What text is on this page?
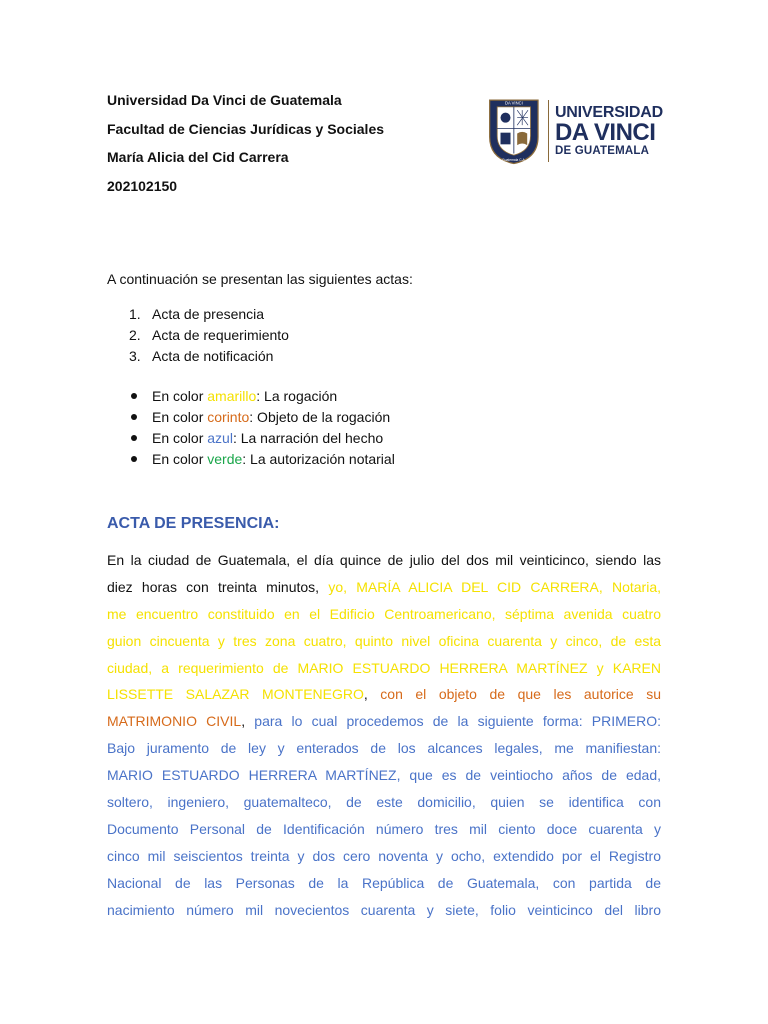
Universidad Da Vinci de Guatemala
Facultad de Ciencias Jurídicas y Sociales
María Alicia del Cid Carrera
202102150
DA VINCI
Guatemala C.A.
UNIVERSIDAD
DA VINCI
DE GUATEMALA
A continuación se presentan las siguientes actas:
1. Acta de presencia
2. Acta de requerimiento
3. Acta de notificación
En color amarillo: La rogación
En color corinto: Objeto de la rogación
En color azul: La narración del hecho
En color verde: La autorización notarial
ACTA DE PRESENCIA:
En la ciudad de Guatemala, el día quince de julio del dos mil veinticinco, siendo las
diez horas con treinta minutos, yo, MARÍA ALICIA DEL CID CARRERA, Notaria,
me encuentro constituido en el Edificio Centroamericano, séptima avenida cuatro
guion cincuenta y tres zona cuatro, quinto nivel oficina cuarenta y cinco, de esta
ciudad, a requerimiento de MARIO ESTUARDO HERRERA MARTÍNEZ y KAREN
LISSETTE SALAZAR MONTENEGRO, con el objeto de que les autorice su
MATRIMONIO CIVIL, para lo cual procedemos de la siguiente forma: PRIMERO:
Bajo juramento de ley y enterados de los alcances legales, me manifiestan:
MARIO ESTUARDO HERRERA MARTÍNEZ, que es de veintiocho años de edad,
soltero, ingeniero, guatemalteco, de este domicilio, quien se identifica con
Documento Personal de Identificación número tres mil ciento doce cuarenta y
cinco mil seiscientos treinta y dos cero noventa y ocho, extendido por el Registro
Nacional de las Personas de la República de Guatemala, con partida de
nacimiento número mil novecientos cuarenta y siete, folio veinticinco del libro
